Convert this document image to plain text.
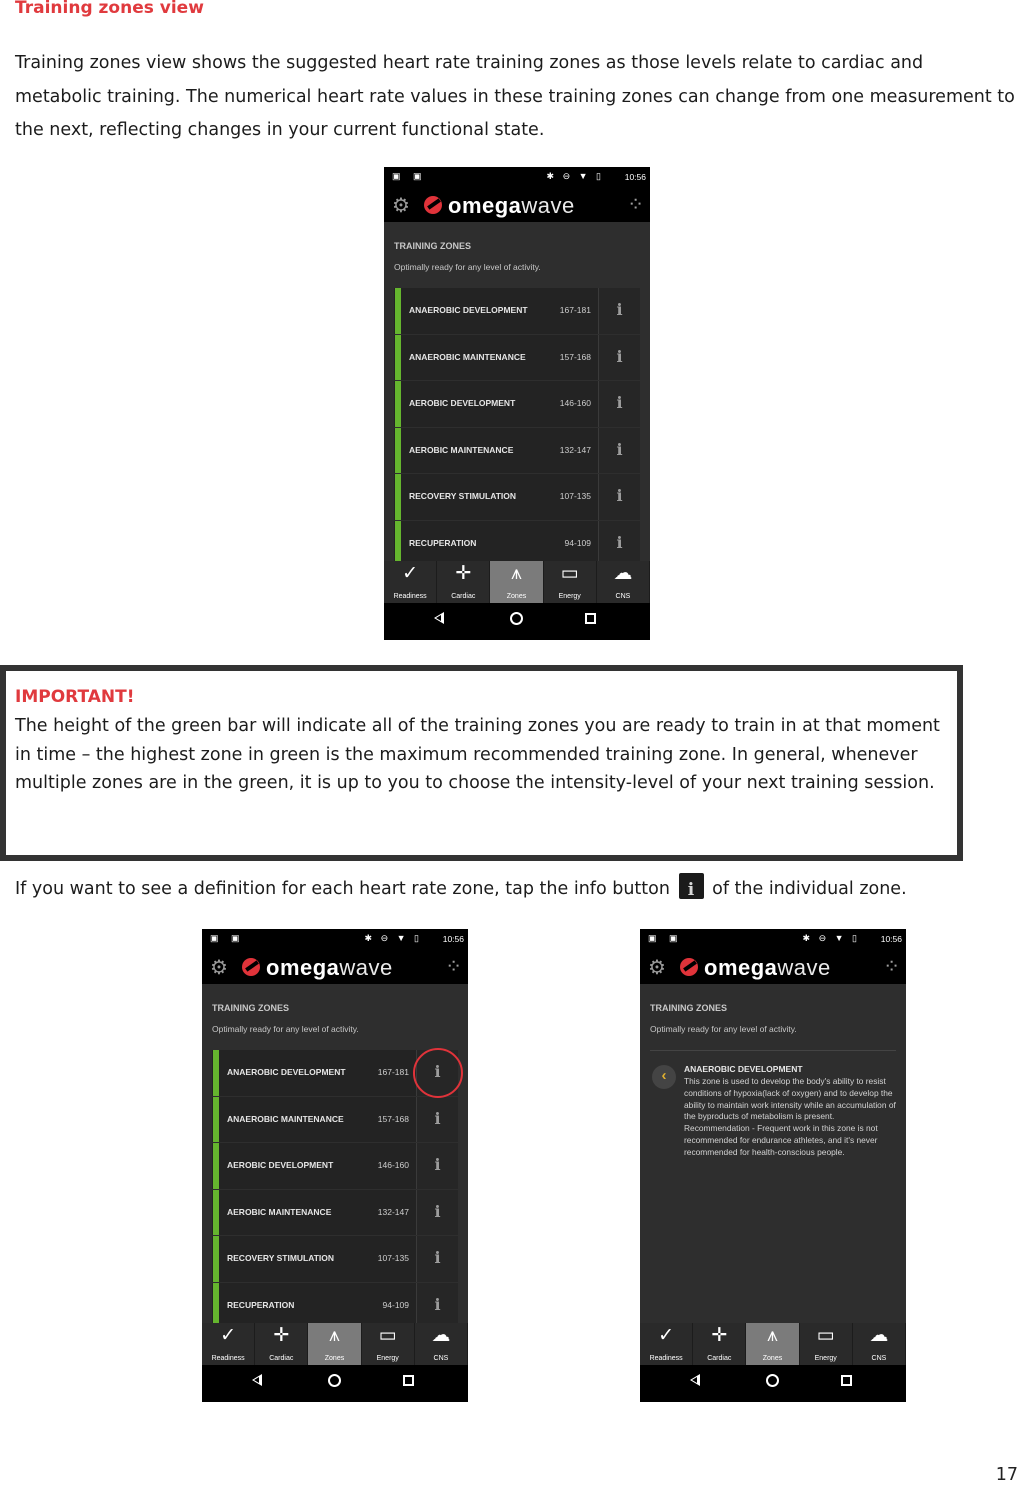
Training zones view

Training zones view shows the suggested heart rate training zones as those levels relate to cardiac and metabolic training. The numerical heart rate values in these training zones can change from one measurement to the next, reflecting changes in your current functional state.

▣ ▣	✱ ⊖ ▼ ▯ 10:56
⚙ omegawave	⁘
TRAINING ZONES
Optimally ready for any level of activity.
ANAEROBIC DEVELOPMENT	167-181	i
ANAEROBIC MAINTENANCE	157-168	i
AEROBIC DEVELOPMENT	146-160	i
AEROBIC MAINTENANCE	132-147	i
RECOVERY STIMULATION	107-135	i
RECUPERATION	94-109	i
✓
Readiness
✛
Cardiac
⩚
Zones
▭
Energy
☁
CNS
IMPORTANT!

The height of the green bar will indicate all of the training zones you are ready to train in at that moment in time – the highest zone in green is the maximum recommended training zone. In general, whenever multiple zones are in the green, it is up to you to choose the intensity-level of your next training session.

If you want to see a definition for each heart rate zone, tap the info button	i	of the individual zone.
▣ ▣	✱ ⊖ ▼ ▯ 10:56
⚙ omegawave	⁘
TRAINING ZONES
Optimally ready for any level of activity.
ANAEROBIC DEVELOPMENT	167-181	i
ANAEROBIC MAINTENANCE	157-168	i
AEROBIC DEVELOPMENT	146-160	i
AEROBIC MAINTENANCE	132-147	i
RECOVERY STIMULATION	107-135	i
RECUPERATION	94-109	i
✓
Readiness
✛
Cardiac
⩚
Zones
▭
Energy
☁
CNS
▣ ▣	✱ ⊖ ▼ ▯ 10:56
⚙ omegawave	⁘
TRAINING ZONES
Optimally ready for any level of activity.
‹	ANAEROBIC DEVELOPMENT
This zone is used to develop the body's ability to resist conditions of hypoxia(lack of oxygen) and to develop the ability to maintain work intensity while an accumulation of the byproducts of metabolism is present. Recommendation - Frequent work in this zone is not recommended for endurance athletes, and it's never recommended for health-conscious people.
✓
Readiness
✛
Cardiac
⩚
Zones
▭
Energy
☁
CNS
17
